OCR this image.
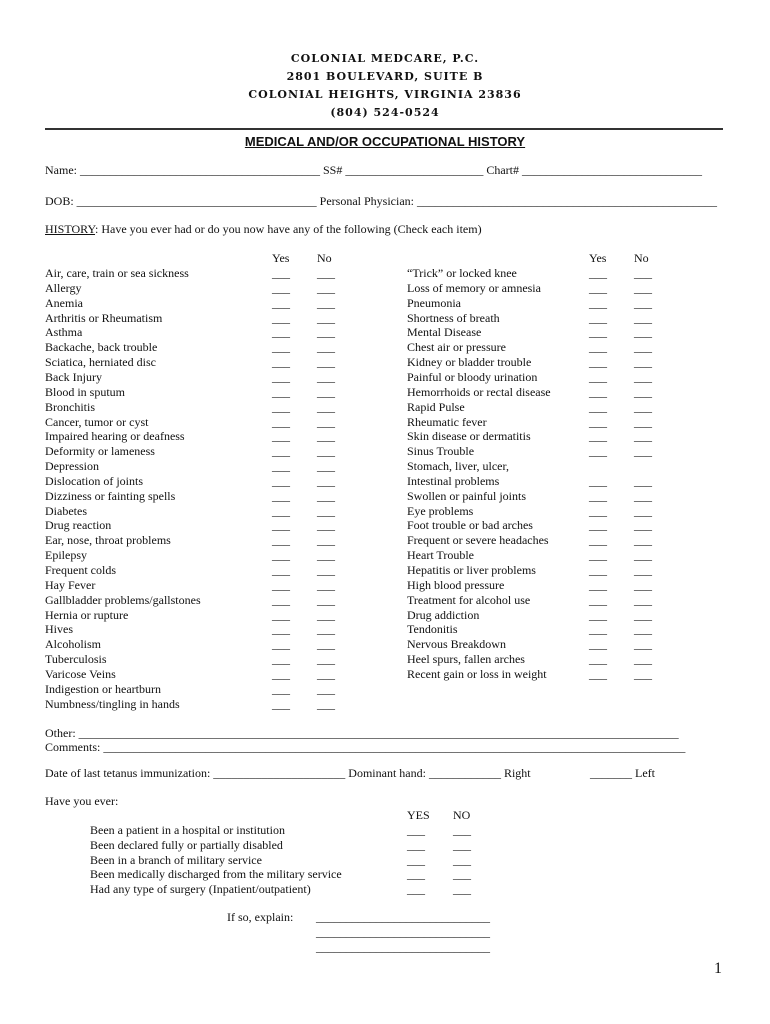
COLONIAL MEDCARE, P.C.
2801 BOULEVARD, SUITE B
COLONIAL HEIGHTS, VIRGINIA 23836
(804) 524-0524
MEDICAL AND/OR OCCUPATIONAL HISTORY
Name: ________________________________________ SS# _______________________ Chart# ______________________________
DOB: ________________________________________ Personal Physician: __________________________________________________
HISTORY: Have you ever had or do you now have any of the following (Check each item)
Yes No	Yes No
Air, care, train or sea sickness	___ ___
Allergy	___ ___
Anemia	___ ___
Arthritis or Rheumatism	___ ___
Asthma	___ ___
Backache, back trouble	___ ___
Sciatica, herniated disc	___ ___
Back Injury	___ ___
Blood in sputum	___ ___
Bronchitis	___ ___
Cancer, tumor or cyst	___ ___
Impaired hearing or deafness	___ ___
Deformity or lameness	___ ___
Depression	___ ___
Dislocation of joints	___ ___
Dizziness or fainting spells	___ ___
Diabetes	___ ___
Drug reaction	___ ___
Ear, nose, throat problems	___ ___
Epilepsy	___ ___
Frequent colds	___ ___
Hay Fever	___ ___
Gallbladder problems/gallstones	___ ___
Hernia or rupture	___ ___
Hives	___ ___
Alcoholism	___ ___
Tuberculosis	___ ___
Varicose Veins	___ ___
Indigestion or heartburn	___ ___
Numbness/tingling in hands	___ ___
“Trick” or locked knee	___ ___
Loss of memory or amnesia	___ ___
Pneumonia	___ ___
Shortness of breath	___ ___
Mental Disease	___ ___
Chest air or pressure	___ ___
Kidney or bladder trouble	___ ___
Painful or bloody urination	___ ___
Hemorrhoids or rectal disease	___ ___
Rapid Pulse	___ ___
Rheumatic fever	___ ___
Skin disease or dermatitis	___ ___
Sinus Trouble	___ ___
Stomach, liver, ulcer,
Intestinal problems	___ ___
Swollen or painful joints	___ ___
Eye problems	___ ___
Foot trouble or bad arches	___ ___
Frequent or severe headaches	___ ___
Heart Trouble	___ ___
Hepatitis or liver problems	___ ___
High blood pressure	___ ___
Treatment for alcohol use	___ ___
Drug addiction	___ ___
Tendonitis	___ ___
Nervous Breakdown	___ ___
Heel spurs, fallen arches	___ ___
Recent gain or loss in weight	___ ___
Other: ____________________________________________________________________________________________________
Comments: _________________________________________________________________________________________________
Date of last tetanus immunization: ______________________ Dominant hand: ____________ Right	_______ Left
Have you ever:
YES NO
Been a patient in a hospital or institution	___ ___
Been declared fully or partially disabled	___ ___
Been in a branch of military service	___ ___
Been medically discharged from the military service	___ ___
Had any type of surgery (Inpatient/outpatient)	___ ___
If so, explain: _____________________________
_____________________________
_____________________________
1
